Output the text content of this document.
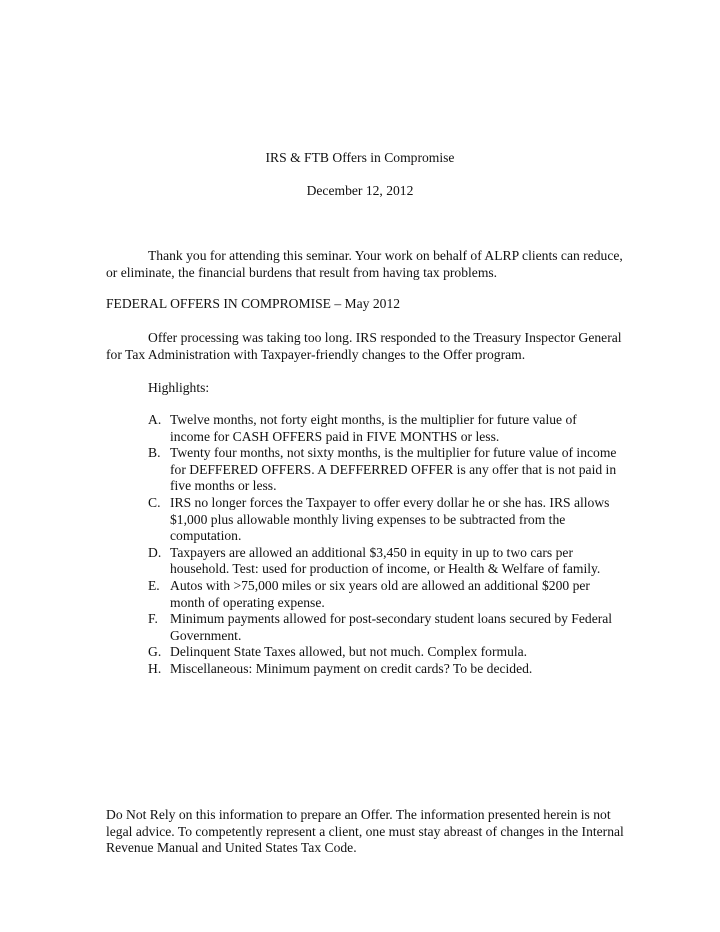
IRS & FTB Offers in Compromise

December 12, 2012

Thank you for attending this seminar. Your work on behalf of ALRP clients can reduce, or eliminate, the financial burdens that result from having tax problems.

FEDERAL OFFERS IN COMPROMISE – May 2012

Offer processing was taking too long. IRS responded to the Treasury Inspector General for Tax Administration with Taxpayer-friendly changes to the Offer program.

Highlights:

A. Twelve months, not forty eight months, is the multiplier for future value of income for CASH OFFERS paid in FIVE MONTHS or less.
B. Twenty four months, not sixty months, is the multiplier for future value of income for DEFFERED OFFERS. A DEFFERRED OFFER is any offer that is not paid in five months or less.
C. IRS no longer forces the Taxpayer to offer every dollar he or she has. IRS allows $1,000 plus allowable monthly living expenses to be subtracted from the computation.
D. Taxpayers are allowed an additional $3,450 in equity in up to two cars per household. Test: used for production of income, or Health & Welfare of family.
E. Autos with >75,000 miles or six years old are allowed an additional $200 per month of operating expense.
F. Minimum payments allowed for post-secondary student loans secured by Federal Government.
G. Delinquent State Taxes allowed, but not much. Complex formula.
H. Miscellaneous: Minimum payment on credit cards? To be decided.

Do Not Rely on this information to prepare an Offer. The information presented herein is not legal advice. To competently represent a client, one must stay abreast of changes in the Internal Revenue Manual and United States Tax Code.
